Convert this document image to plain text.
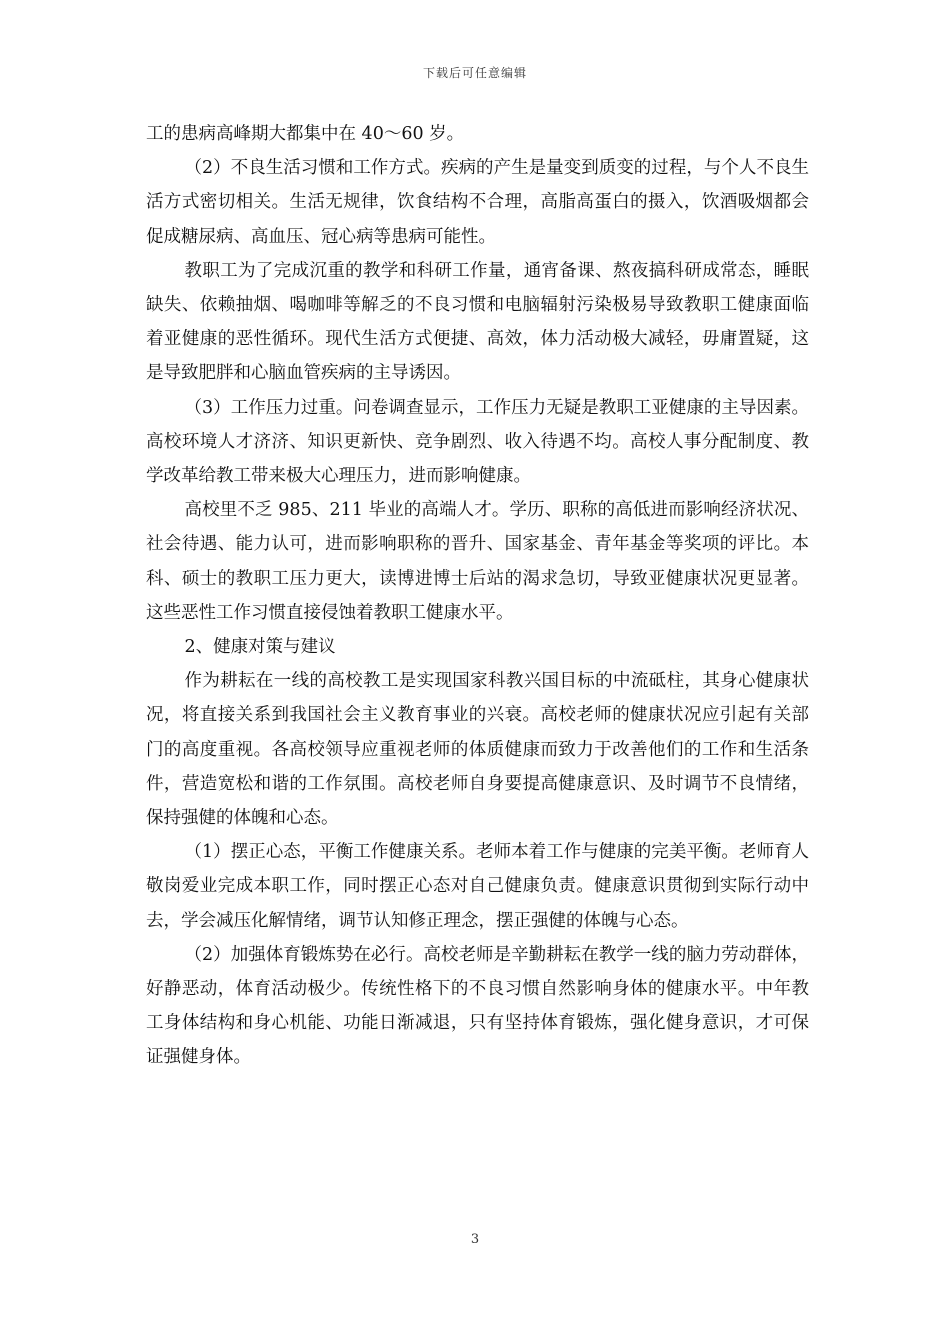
下载后可任意编辑

工的患病高峰期大都集中在 40～60 岁。

（2）不良生活习惯和工作方式。疾病的产生是量变到质变的过程，与个人不良生活方式密切相关。生活无规律，饮食结构不合理，高脂高蛋白的摄入，饮酒吸烟都会促成糖尿病、高血压、冠心病等患病可能性。

教职工为了完成沉重的教学和科研工作量，通宵备课、熬夜搞科研成常态，睡眠缺失、依赖抽烟、喝咖啡等解乏的不良习惯和电脑辐射污染极易导致教职工健康面临着亚健康的恶性循环。现代生活方式便捷、高效，体力活动极大减轻，毋庸置疑，这是导致肥胖和心脑血管疾病的主导诱因。

（3）工作压力过重。问卷调查显示，工作压力无疑是教职工亚健康的主导因素。高校环境人才济济、知识更新快、竞争剧烈、收入待遇不均。高校人事分配制度、教学改革给教工带来极大心理压力，进而影响健康。

高校里不乏 985、211 毕业的高端人才。学历、职称的高低进而影响经济状况、社会待遇、能力认可，进而影响职称的晋升、国家基金、青年基金等奖项的评比。本科、硕士的教职工压力更大，读博进博士后站的渴求急切，导致亚健康状况更显著。这些恶性工作习惯直接侵蚀着教职工健康水平。

2、健康对策与建议

作为耕耘在一线的高校教工是实现国家科教兴国目标的中流砥柱，其身心健康状况，将直接关系到我国社会主义教育事业的兴衰。高校老师的健康状况应引起有关部门的高度重视。各高校领导应重视老师的体质健康而致力于改善他们的工作和生活条件，营造宽松和谐的工作氛围。高校老师自身要提高健康意识、及时调节不良情绪，保持强健的体魄和心态。

（1）摆正心态，平衡工作健康关系。老师本着工作与健康的完美平衡。老师育人敬岗爱业完成本职工作，同时摆正心态对自己健康负责。健康意识贯彻到实际行动中去，学会减压化解情绪，调节认知修正理念，摆正强健的体魄与心态。

（2）加强体育锻炼势在必行。高校老师是辛勤耕耘在教学一线的脑力劳动群体，好静恶动，体育活动极少。传统性格下的不良习惯自然影响身体的健康水平。中年教工身体结构和身心机能、功能日渐减退，只有坚持体育锻炼，强化健身意识，才可保证强健身体。

3
